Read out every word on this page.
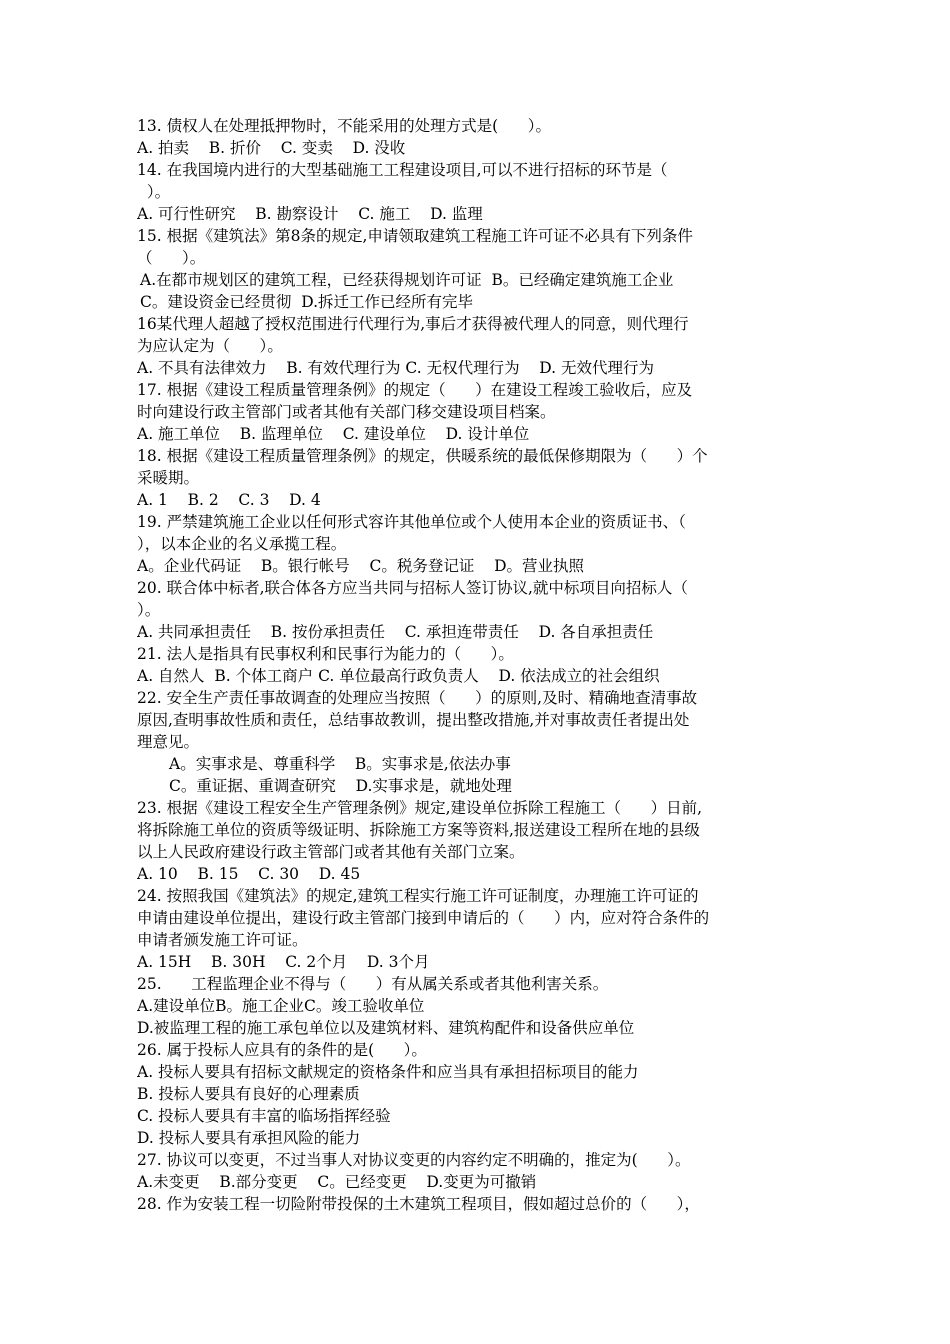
13. 债权人在处理抵押物时，不能采用的处理方式是(      ）。
A. 拍卖    B. 折价    C. 变卖    D. 没收
14. 在我国境内进行的大型基础施工工程建设项目,可以不进行招标的环节是（
）。
A. 可行性研究    B. 勘察设计    C. 施工    D. 监理
15. 根据《建筑法》第8条的规定,申请领取建筑工程施工许可证不必具有下列条件
（      ）。
A.在都市规划区的建筑工程，已经获得规划许可证  B。已经确定建筑施工企业
C。建设资金已经贯彻  D.拆迁工作已经所有完毕
16某代理人超越了授权范围进行代理行为,事后才获得被代理人的同意，则代理行
为应认定为（      ）。
A. 不具有法律效力    B. 有效代理行为 C. 无权代理行为    D. 无效代理行为
17. 根据《建设工程质量管理条例》的规定（      ）在建设工程竣工验收后，应及
时向建设行政主管部门或者其他有关部门移交建设项目档案。
A. 施工单位    B. 监理单位    C. 建设单位    D. 设计单位
18. 根据《建设工程质量管理条例》的规定，供暖系统的最低保修期限为（      ）个
采暖期。
A. 1    B. 2    C. 3    D. 4
19. 严禁建筑施工企业以任何形式容许其他单位或个人使用本企业的资质证书、（
），以本企业的名义承揽工程。
A。企业代码证    B。银行帐号    C。税务登记证    D。营业执照
20. 联合体中标者,联合体各方应当共同与招标人签订协议,就中标项目向招标人（
）。
A. 共同承担责任    B. 按份承担责任    C. 承担连带责任    D. 各自承担责任
21. 法人是指具有民事权利和民事行为能力的（      ）。
A. 自然人  B. 个体工商户 C. 单位最高行政负责人    D. 依法成立的社会组织
22. 安全生产责任事故调查的处理应当按照（      ）的原则,及时、精确地查清事故
原因,查明事故性质和责任，总结事故教训，提出整改措施,并对事故责任者提出处
理意见。
A。实事求是、尊重科学    B。实事求是,依法办事
C。重证据、重调查研究    D.实事求是，就地处理
23. 根据《建设工程安全生产管理条例》规定,建设单位拆除工程施工（      ）日前,
将拆除施工单位的资质等级证明、拆除施工方案等资料,报送建设工程所在地的县级
以上人民政府建设行政主管部门或者其他有关部门立案。
A. 10    B. 15    C. 30    D. 45
24. 按照我国《建筑法》的规定,建筑工程实行施工许可证制度，办理施工许可证的
申请由建设单位提出，建设行政主管部门接到申请后的（      ）内，应对符合条件的
申请者颁发施工许可证。
A. 15H    B. 30H    C. 2个月    D. 3个月
25.      工程监理企业不得与（      ）有从属关系或者其他利害关系。
A.建设单位B。施工企业C。竣工验收单位
D.被监理工程的施工承包单位以及建筑材料、建筑构配件和设备供应单位
26. 属于投标人应具有的条件的是(      ）。
A. 投标人要具有招标文献规定的资格条件和应当具有承担招标项目的能力
B. 投标人要具有良好的心理素质
C. 投标人要具有丰富的临场指挥经验
D. 投标人要具有承担风险的能力
27. 协议可以变更，不过当事人对协议变更的内容约定不明确的，推定为(      ）。
A.未变更    B.部分变更    C。已经变更    D.变更为可撤销
28. 作为安装工程一切险附带投保的土木建筑工程项目，假如超过总价的（      ），
